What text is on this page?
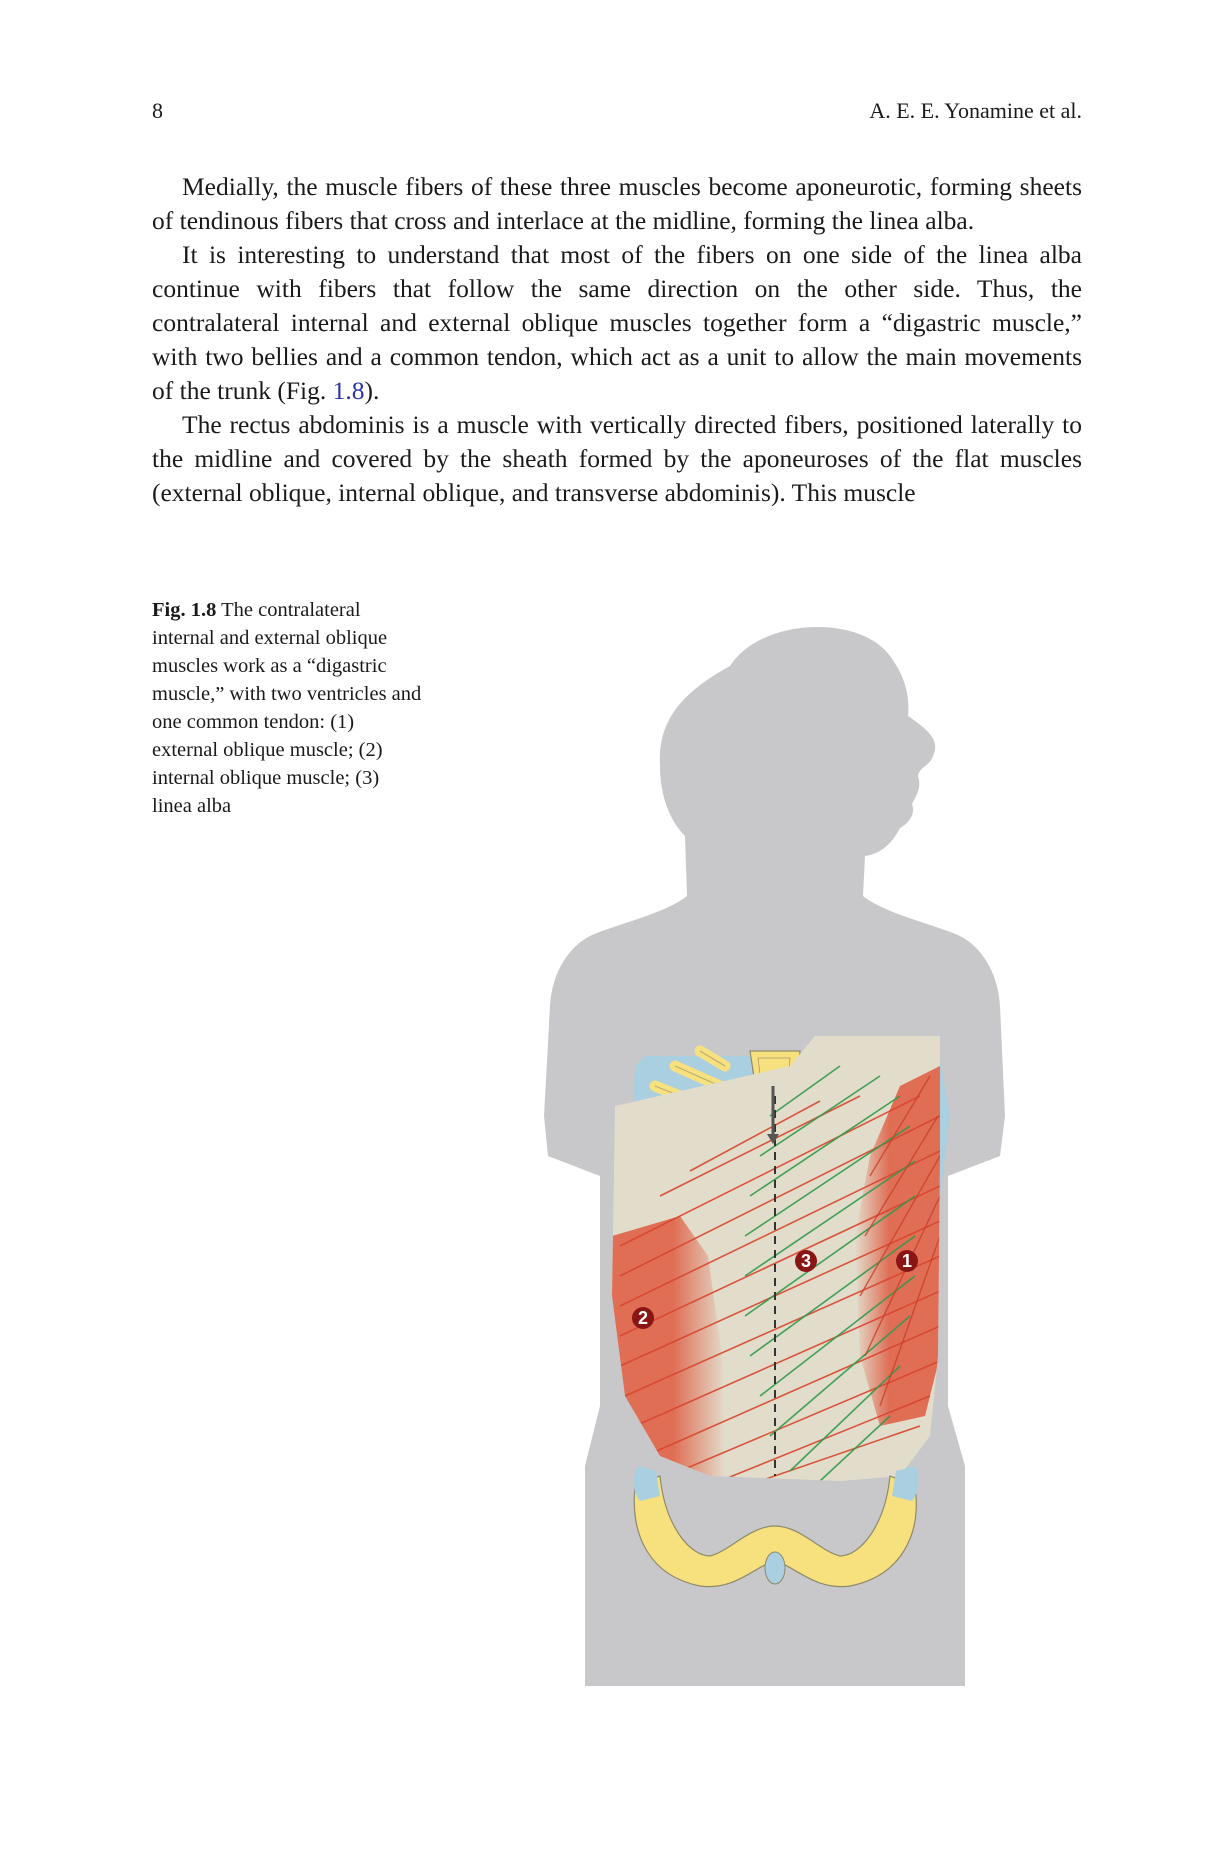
8	A. E. E. Yonamine et al.

Medially, the muscle fibers of these three muscles become aponeurotic, forming sheets of tendinous fibers that cross and interlace at the midline, forming the linea alba.

It is interesting to understand that most of the fibers on one side of the linea alba continue with fibers that follow the same direction on the other side. Thus, the contralateral internal and external oblique muscles together form a “digastric muscle,” with two bellies and a common tendon, which act as a unit to allow the main movements of the trunk (Fig. 1.8).

The rectus abdominis is a muscle with vertically directed fibers, positioned laterally to the midline and covered by the sheath formed by the aponeuroses of the flat muscles (external oblique, internal oblique, and transverse abdominis). This muscle

Fig. 1.8 The contralateral internal and external oblique muscles work as a “digastric muscle,” with two ventricles and one common tendon: (1) external oblique muscle; (2) internal oblique muscle; (3) linea alba
1
2
3
